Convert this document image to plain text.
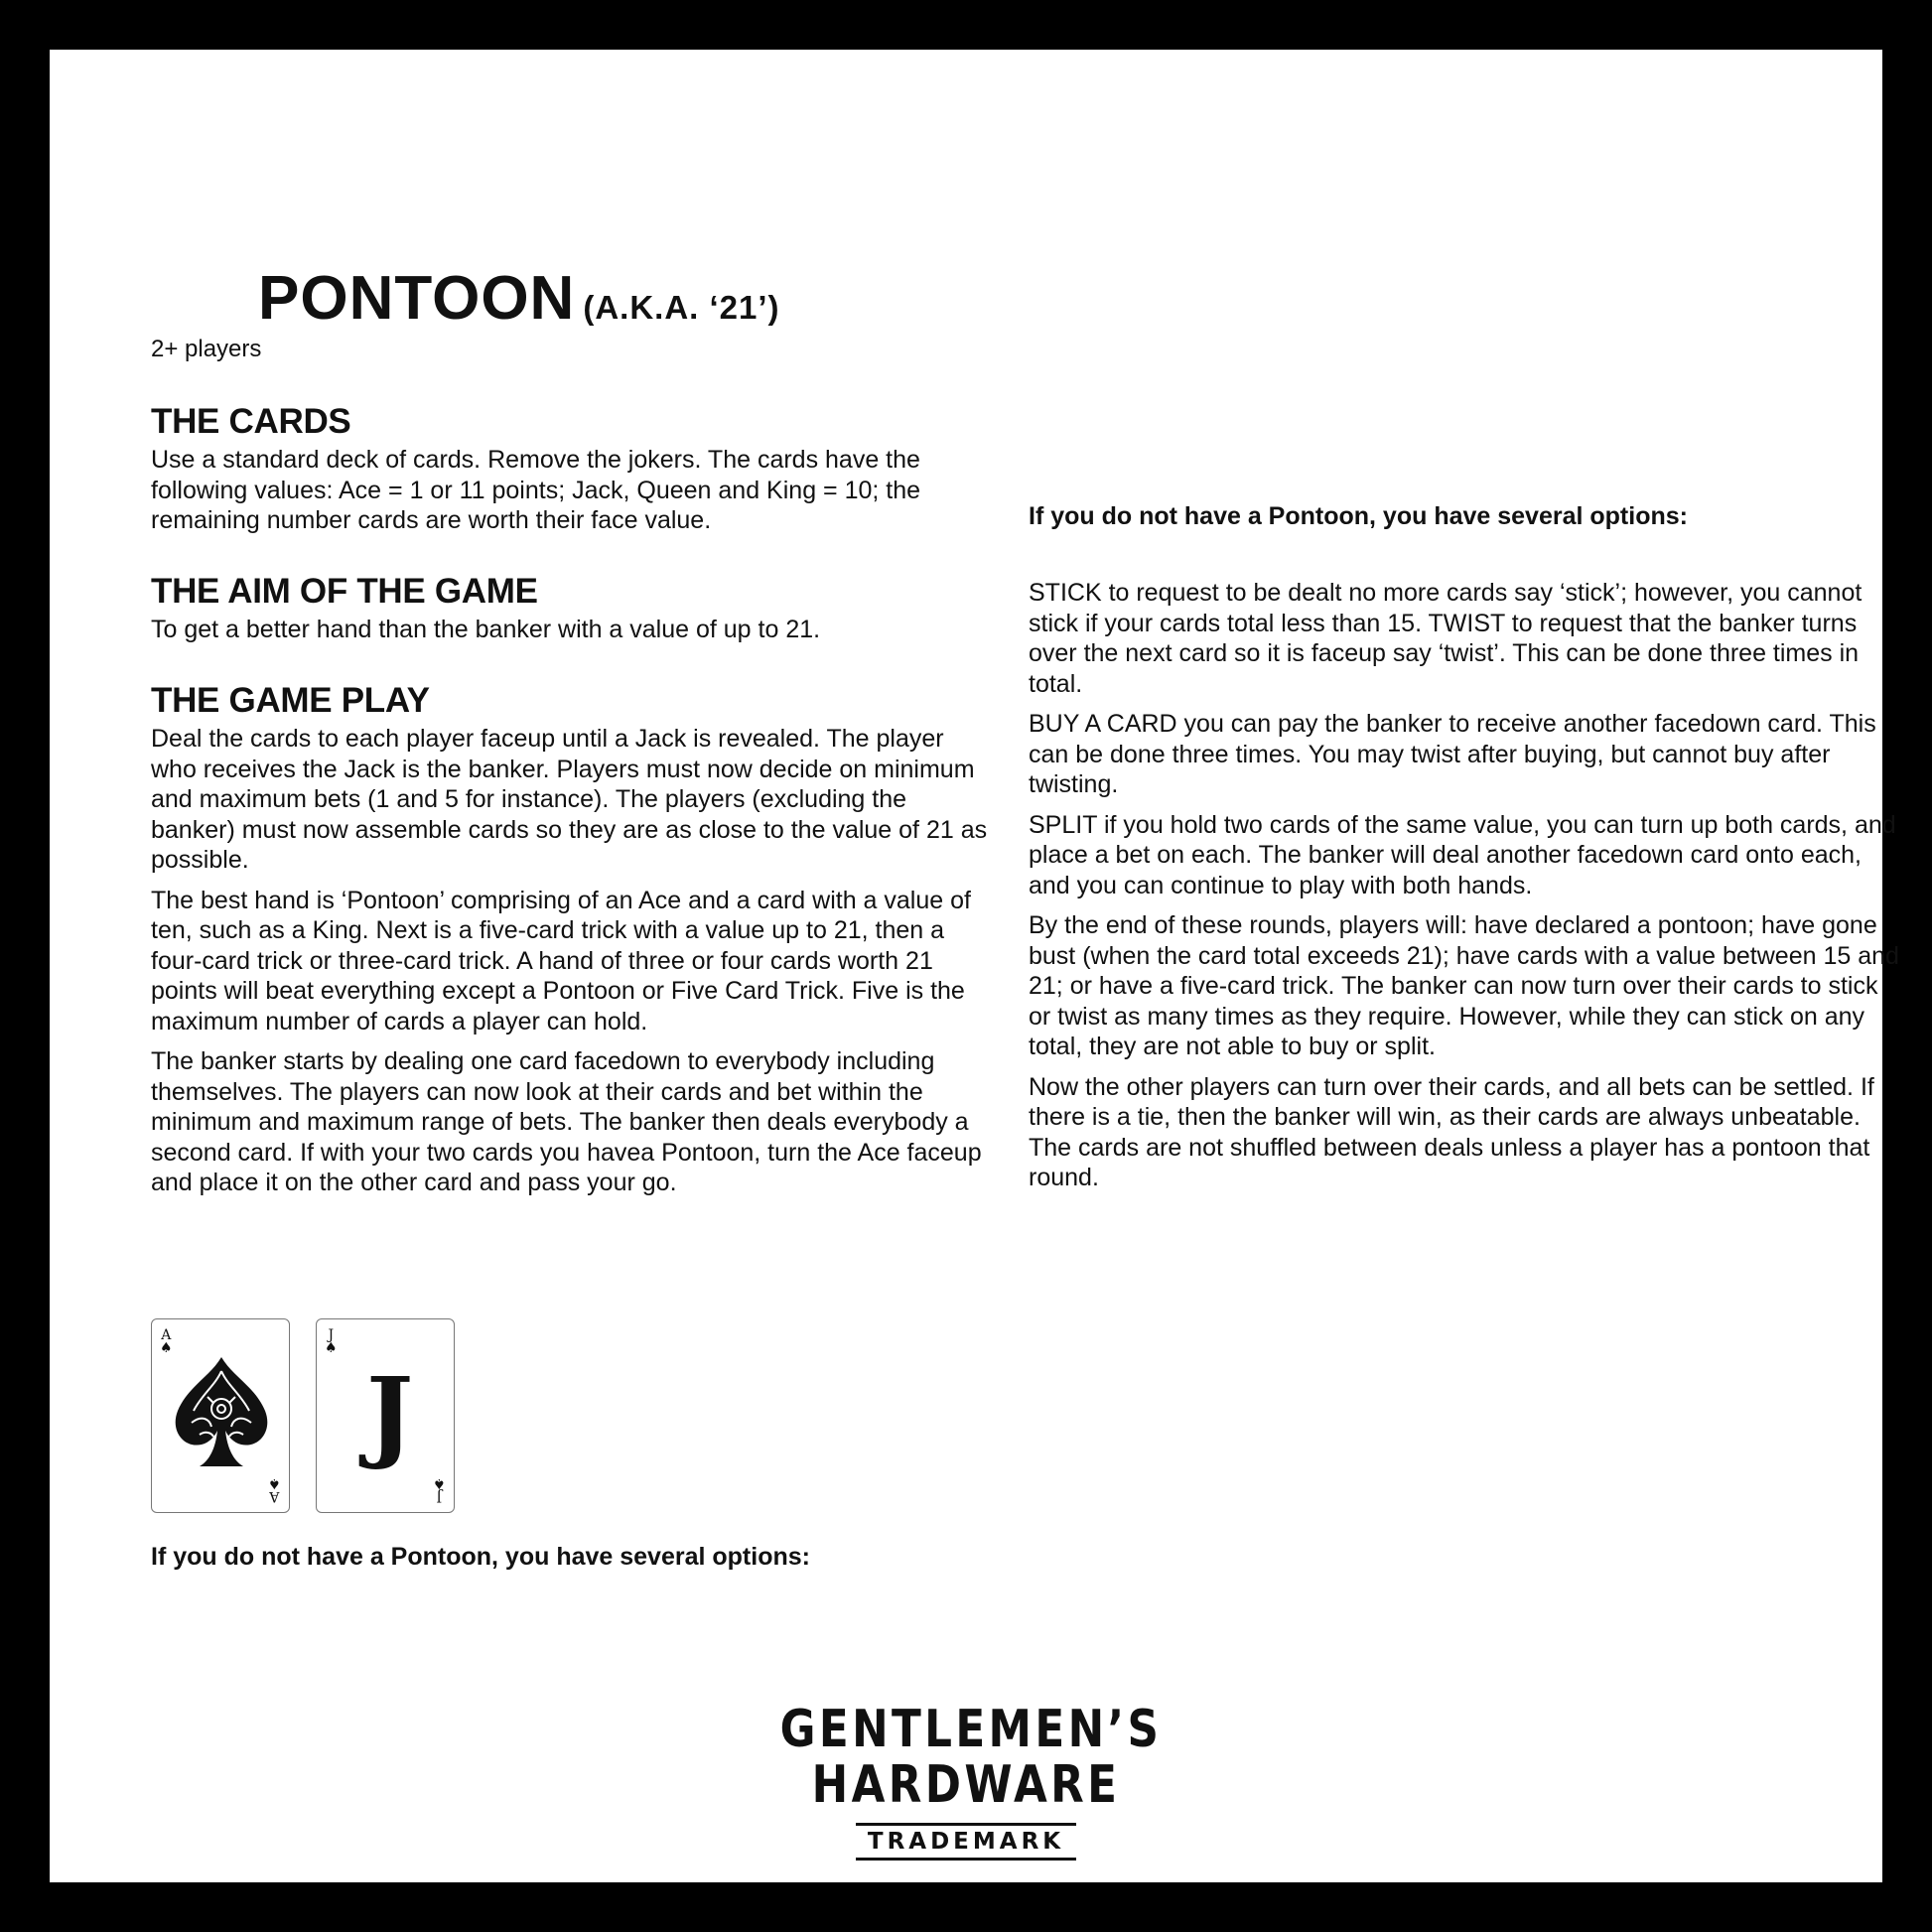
PONTOON (A.K.A. ‘21’)
2+ players
THE CARDS

Use a standard deck of cards. Remove the jokers. The cards have the following values: Ace = 1 or 11 points; Jack, Queen and King = 10; the remaining number cards are worth their face value.

THE AIM OF THE GAME

To get a better hand than the banker with a value of up to 21.

THE GAME PLAY

Deal the cards to each player faceup until a Jack is revealed. The player who receives the Jack is the banker. Players must now decide on minimum and maximum bets (1 and 5 for instance). The players (excluding the banker) must now assemble cards so they are as close to the value of 21 as possible.

The best hand is ‘Pontoon’ comprising of an Ace and a card with a value of ten, such as a King. Next is a five-card trick with a value up to 21, then a four-card trick or three-card trick. A hand of three or four cards worth 21 points will beat everything except a Pontoon or Five Card Trick. Five is the maximum number of cards a player can hold.

The banker starts by dealing one card facedown to everybody including themselves. The players can now look at their cards and bet within the minimum and maximum range of bets. The banker then deals everybody a second card. If with your two cards you havea Pontoon, turn the Ace faceup and place it on the other card and pass your go.

A
♠
A
♠
J
♠
J
J
♠
If you do not have a Pontoon, you have several options:
If you do not have a Pontoon, you have several options:

STICK to request to be dealt no more cards say ‘stick’; however, you cannot stick if your cards total less than 15. TWIST to request that the banker turns over the next card so it is faceup say ‘twist’. This can be done three times in total.

BUY A CARD you can pay the banker to receive another facedown card. This can be done three times. You may twist after buying, but cannot buy after twisting.

SPLIT if you hold two cards of the same value, you can turn up both cards, and place a bet on each. The banker will deal another facedown card onto each, and you can continue to play with both hands.

By the end of these rounds, players will: have declared a pontoon; have gone bust (when the card total exceeds 21); have cards with a value between 15 and 21; or have a five-card trick. The banker can now turn over their cards to stick or twist as many times as they require. However, while they can stick on any total, they are not able to buy or split.

Now the other players can turn over their cards, and all bets can be settled. If there is a tie, then the banker will win, as their cards are always unbeatable. The cards are not shuffled between deals unless a player has a pontoon that round.

GENTLEMEN’S
HARDWARE
TRADEMARK
